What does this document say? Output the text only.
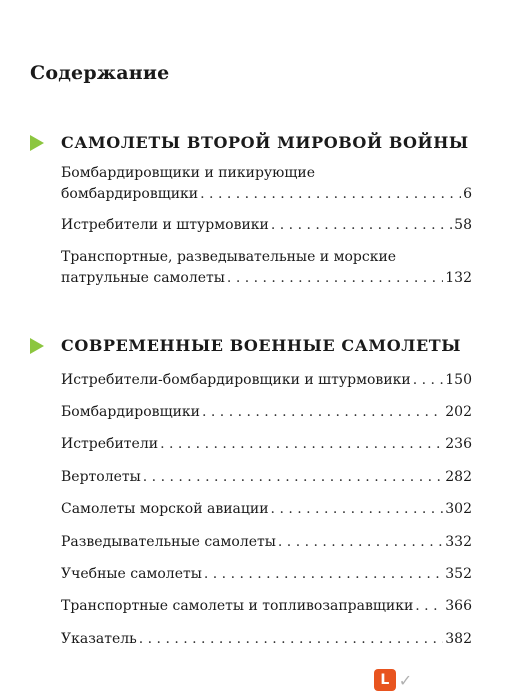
Содержание
САМОЛЕТЫ ВТОРОЙ МИРОВОЙ ВОЙНЫ
Бомбардировщики и пикирующие
бомбардировщики . . .	6
Истребители и штурмовики . . .	58
Транспортные, разведывательные и морские
патрульные самолеты . . .	132
СОВРЕМЕННЫЕ ВОЕННЫЕ САМОЛЕТЫ
Истребители-бомбардировщики и штурмовики . . . 150
Бомбардировщики . . .	202
Истребители . . .	236
Вертолеты . . .	282
Самолеты морской авиации . . .	302
Разведывательные самолеты . . .	332
Учебные самолеты . . .	352
Транспортные самолеты и топливозаправщики . . . 366
Указатель . . .	382
L ✓
